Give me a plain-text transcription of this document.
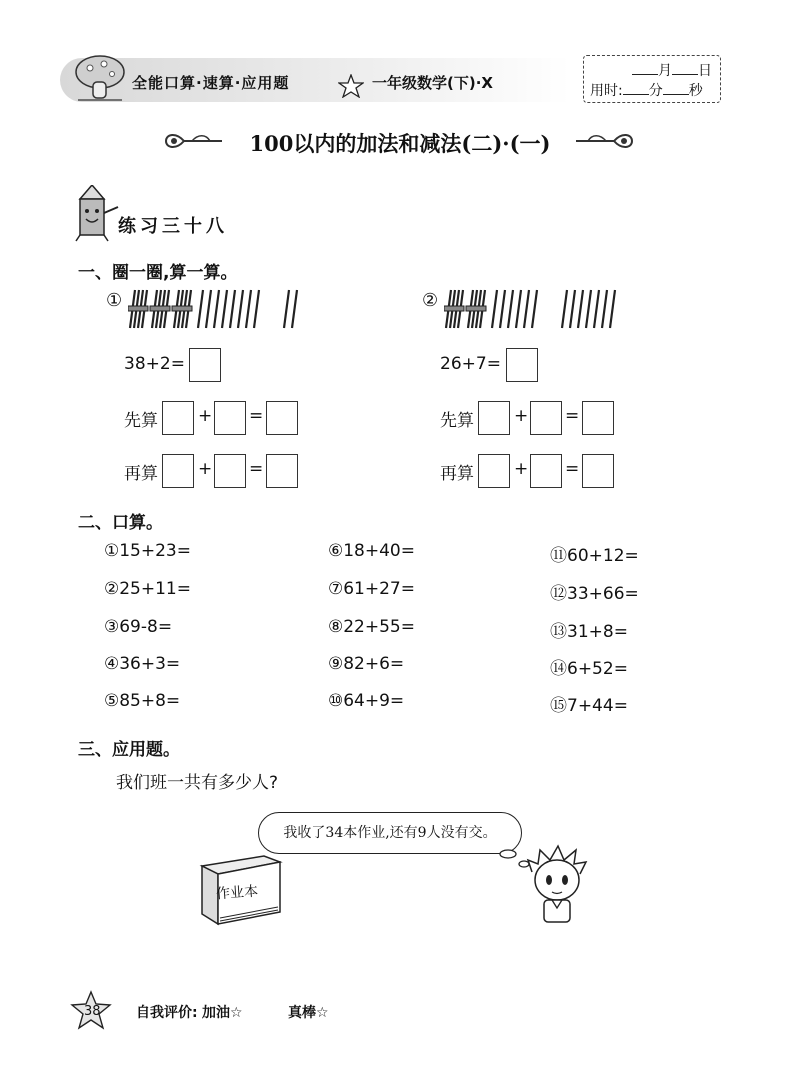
全能口算·速算·应用题	一年级数学(下)·X
月 日
用时: 分 秒
100以内的加法和减法(二)·(一)
练习三十八
一、圈一圈,算一算。
①
38+2=
先算 + =
再算 + =
②
26+7=
先算 + =
再算 + =
二、口算。
①15+23=	⑥18+40=	⑪60+12=
②25+11=	⑦61+27=	⑫33+66=
③69-8=	⑧22+55=	⑬31+8=
④36+3=	⑨82+6=	⑭6+52=
⑤85+8=	⑩64+9=	⑮7+44=
三、应用题。
我们班一共有多少人?
我收了34本作业,还有9人没有交。
作业本
38	自我评价: 加油☆	真棒☆
